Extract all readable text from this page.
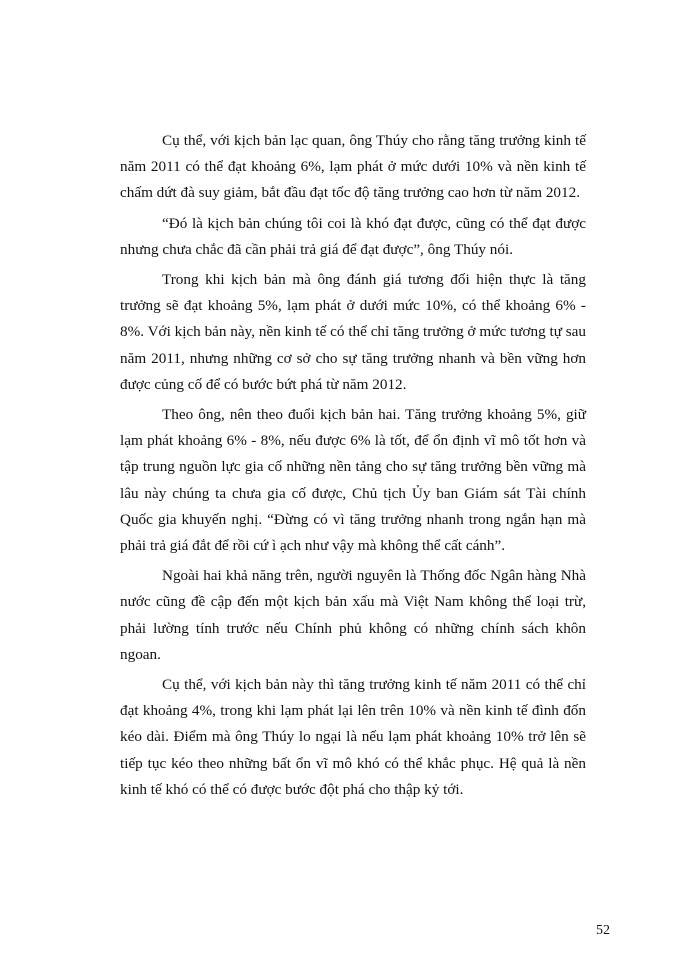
Cụ thể, với kịch bản lạc quan, ông Thúy cho rằng tăng trưởng kinh tế năm 2011 có thể đạt khoảng 6%, lạm phát ở mức dưới 10% và nền kinh tế chấm dứt đà suy giảm, bắt đầu đạt tốc độ tăng trưởng cao hơn từ năm 2012.

“Đó là kịch bản chúng tôi coi là khó đạt được, cũng có thể đạt được nhưng chưa chắc đã cần phải trả giá để đạt được”, ông Thúy nói.

Trong khi kịch bản mà ông đánh giá tương đối hiện thực là tăng trưởng sẽ đạt khoảng 5%, lạm phát ở dưới mức 10%, có thể khoảng 6% - 8%. Với kịch bản này, nền kinh tế có thể chỉ tăng trưởng ở mức tương tự sau năm 2011, nhưng những cơ sở cho sự tăng trưởng nhanh và bền vững hơn được củng cố để có bước bứt phá từ năm 2012.

Theo ông, nên theo đuổi kịch bản hai. Tăng trưởng khoảng 5%, giữ lạm phát khoảng 6% - 8%, nếu được 6% là tốt, để ổn định vĩ mô tốt hơn và tập trung nguồn lực gia cố những nền tảng cho sự tăng trưởng bền vững mà lâu này chúng ta chưa gia cố được, Chủ tịch Ủy ban Giám sát Tài chính Quốc gia khuyến nghị. “Đừng có vì tăng trưởng nhanh trong ngắn hạn mà phải trả giá đắt để rồi cứ ì ạch như vậy mà không thể cất cánh”.

Ngoài hai khả năng trên, người nguyên là Thống đốc Ngân hàng Nhà nước cũng đề cập đến một kịch bản xấu mà Việt Nam không thể loại trừ, phải lường tính trước nếu Chính phủ không có những chính sách khôn ngoan.

Cụ thể, với kịch bản này thì tăng trưởng kinh tế năm 2011 có thể chỉ đạt khoảng 4%, trong khi lạm phát lại lên trên 10% và nền kinh tế đình đốn kéo dài. Điểm mà ông Thúy lo ngại là nếu lạm phát khoảng 10% trở lên sẽ tiếp tục kéo theo những bất ổn vĩ mô khó có thể khắc phục. Hệ quả là nền kinh tế khó có thể có được bước đột phá cho thập kỷ tới.

52
